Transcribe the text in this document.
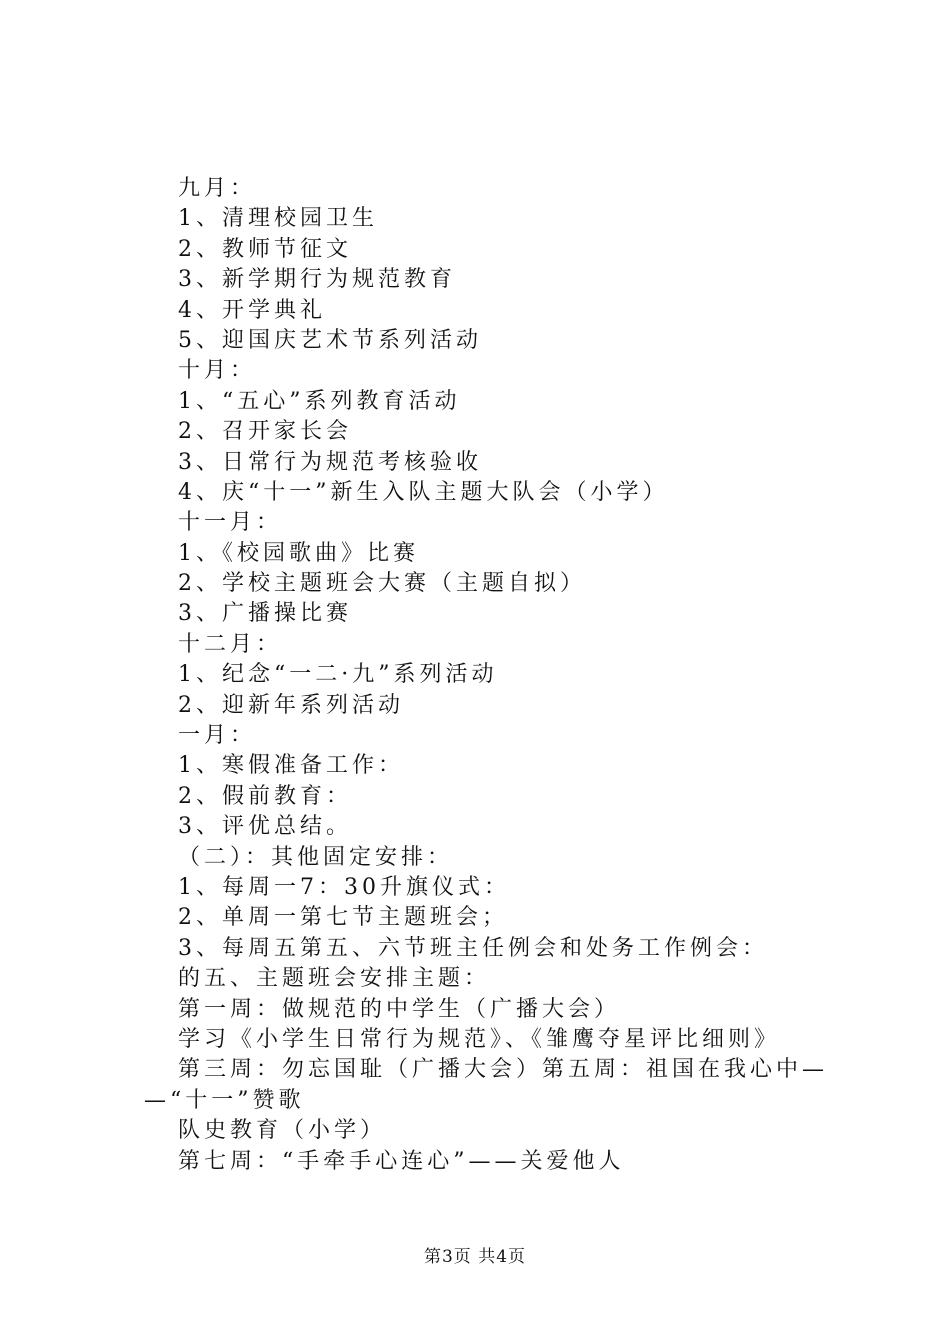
九月：
1、清理校园卫生
2、教师节征文
3、新学期行为规范教育
4、开学典礼
5、迎国庆艺术节系列活动
十月：
1、“五心”系列教育活动
2、召开家长会
3、日常行为规范考核验收
4、庆“十一”新生入队主题大队会（小学）
十一月：
1、《校园歌曲》比赛
2、学校主题班会大赛（主题自拟）
3、广播操比赛
十二月：
1、纪念“一二·九”系列活动
2、迎新年系列活动
一月：
1、寒假准备工作：
2、假前教育：
3、评优总结。
（二）：其他固定安排：
1、每周一7：30升旗仪式：
2、单周一第七节主题班会；
3、每周五第五、六节班主任例会和处务工作例会：
的五、主题班会安排主题：
第一周：做规范的中学生（广播大会）
学习《小学生日常行为规范》、《雏鹰夺星评比细则》
第三周：勿忘国耻（广播大会）第五周：祖国在我心中—
—“十一”赞歌
队史教育（小学）
第七周：“手牵手心连心”——关爱他人
第3页 共4页
